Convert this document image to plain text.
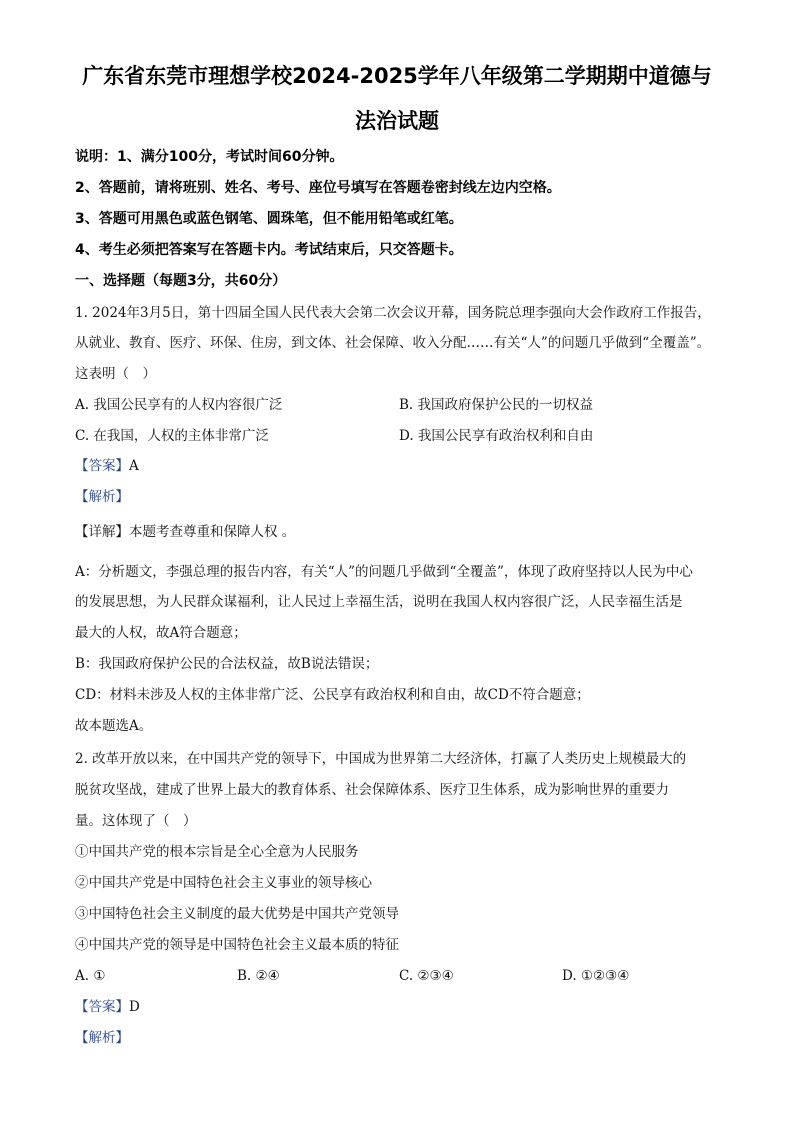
广东省东莞市理想学校2024-2025学年八年级第二学期期中道德与
法治试题
说明：1、满分100分，考试时间60分钟。
2、答题前，请将班别、姓名、考号、座位号填写在答题卷密封线左边内空格。
3、答题可用黑色或蓝色钢笔、圆珠笔，但不能用铅笔或红笔。
4、考生必须把答案写在答题卡内。考试结束后，只交答题卡。
一、选择题（每题3分，共60分）
1. 2024年3月5日，第十四届全国人民代表大会第二次会议开幕，国务院总理李强向大会作政府工作报告，
从就业、教育、医疗、环保、住房，到文体、社会保障、收入分配……有关“人”的问题几乎做到“全覆盖”。
这表明（　）
A. 我国公民享有的人权内容很广泛	B. 我国政府保护公民的一切权益
C. 在我国，人权的主体非常广泛	D. 我国公民享有政治权利和自由
【答案】A
【解析】
【详解】本题考查尊重和保障人权 。
A：分析题文，李强总理的报告内容，有关“人”的问题几乎做到“全覆盖”，体现了政府坚持以人民为中心
的发展思想，为人民群众谋福利，让人民过上幸福生活，说明在我国人权内容很广泛，人民幸福生活是
最大的人权，故A符合题意；
B：我国政府保护公民的合法权益，故B说法错误；
CD：材料未涉及人权的主体非常广泛、公民享有政治权利和自由，故CD不符合题意；
故本题选A。
2. 改革开放以来，在中国共产党的领导下，中国成为世界第二大经济体，打赢了人类历史上规模最大的
脱贫攻坚战，建成了世界上最大的教育体系、社会保障体系、医疗卫生体系，成为影响世界的重要力
量。这体现了（　）
①中国共产党的根本宗旨是全心全意为人民服务
②中国共产党是中国特色社会主义事业的领导核心
③中国特色社会主义制度的最大优势是中国共产党领导
④中国共产党的领导是中国特色社会主义最本质的特征
A. ①	B. ②④	C. ②③④	D. ①②③④
【答案】D
【解析】
